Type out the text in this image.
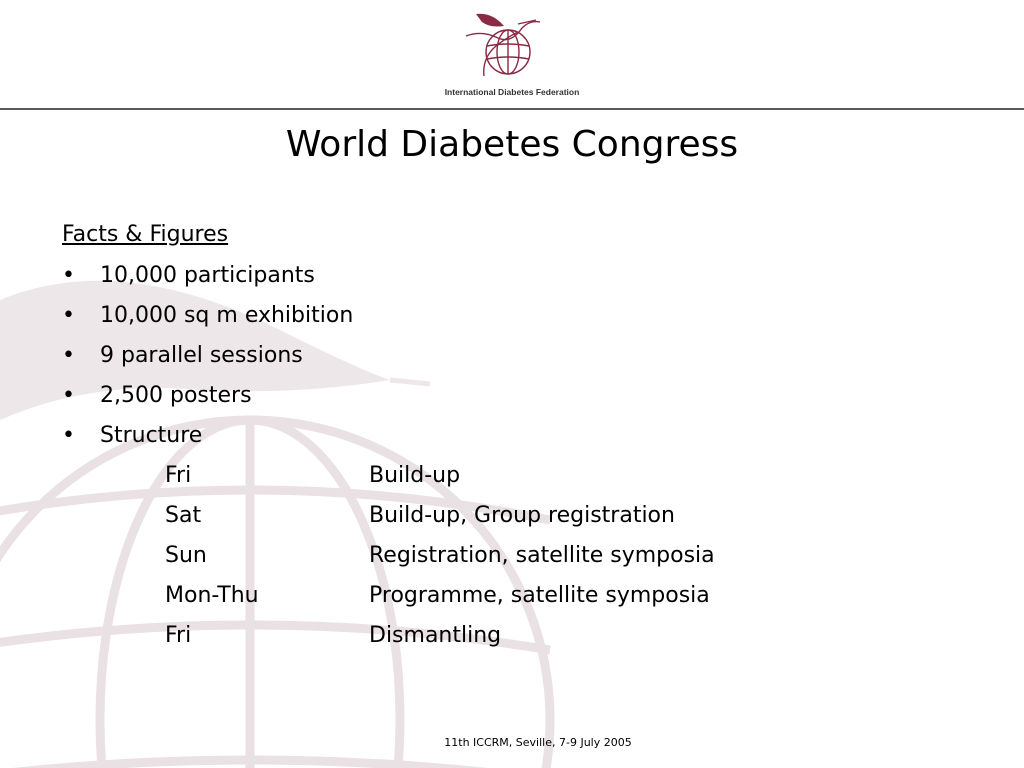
International Diabetes Federation
World Diabetes Congress
Facts & Figures
• 10,000 participants
• 10,000 sq m exhibition
• 9 parallel sessions
• 2,500 posters
• Structure
Fri	Build-up
Sat	Build-up, Group registration
Sun	Registration, satellite symposia
Mon-Thu	Programme, satellite symposia
Fri	Dismantling
11th ICCRM, Seville, 7-9 July 2005
